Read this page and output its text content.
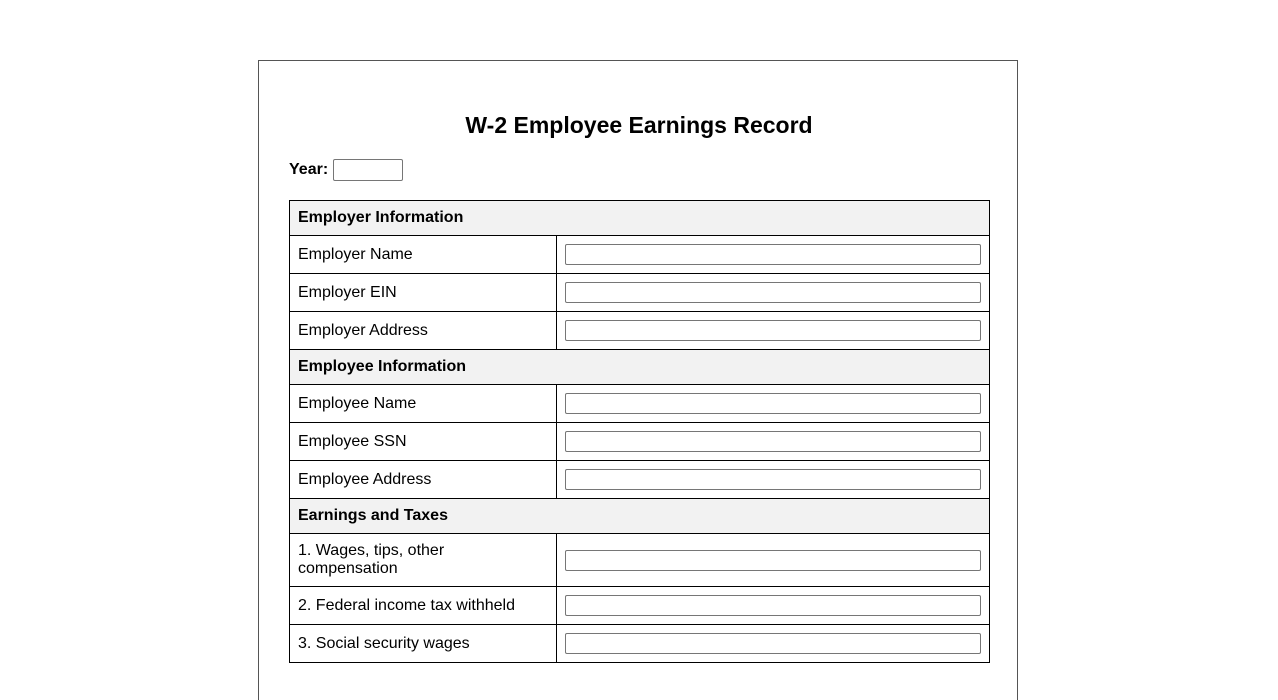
W-2 Employee Earnings Record
Year:
Employer Information	
Employer Name	

Employer EIN	

Employer Address	

Employee Information	
Employee Name	

Employee SSN	

Employee Address	

Earnings and Taxes	
1. Wages, tips, other compensation	

2. Federal income tax withheld	

3. Social security wages	
